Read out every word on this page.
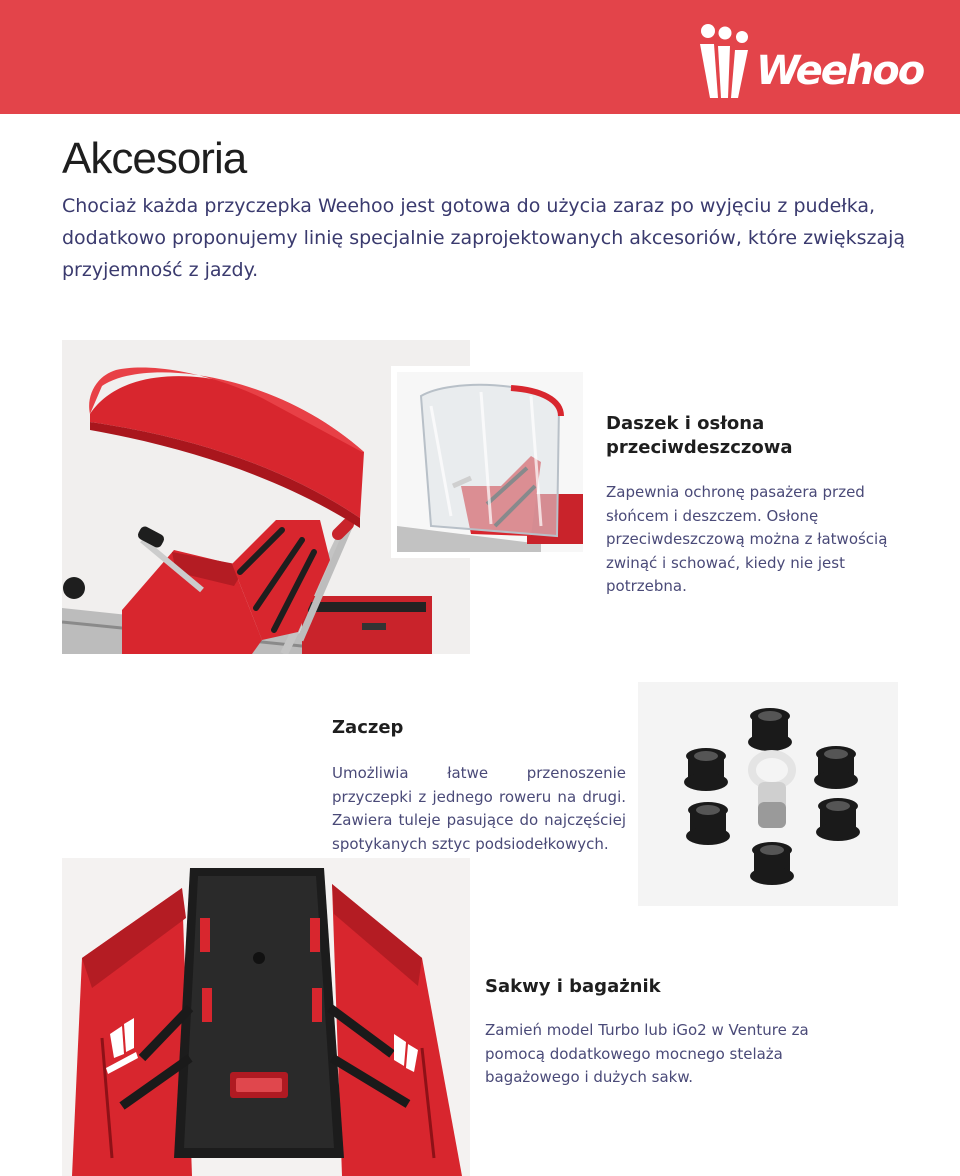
Weehoo
Akcesoria

Chociaż każda przyczepka Weehoo jest gotowa do użycia zaraz po wyjęciu z pudełka, dodatkowo proponujemy linię specjalnie zaprojektowanych akcesoriów, które zwiększają przyjemność z jazdy.

Daszek i osłona przeciwdeszczowa

Zapewnia ochronę pasażera przed słońcem i deszczem. Osłonę przeciwdeszczową można z łatwością zwinąć i schować, kiedy nie jest potrzebna.

Zaczep

Umożliwia łatwe przenoszenie przyczepki z jednego roweru na drugi. Zawiera tuleje pasujące do najczęściej spotykanych sztyc podsiodełkowych.

Sakwy i bagażnik

Zamień model Turbo lub iGo2 w Venture za pomocą dodatkowego mocnego stelaża bagażowego i dużych sakw.
